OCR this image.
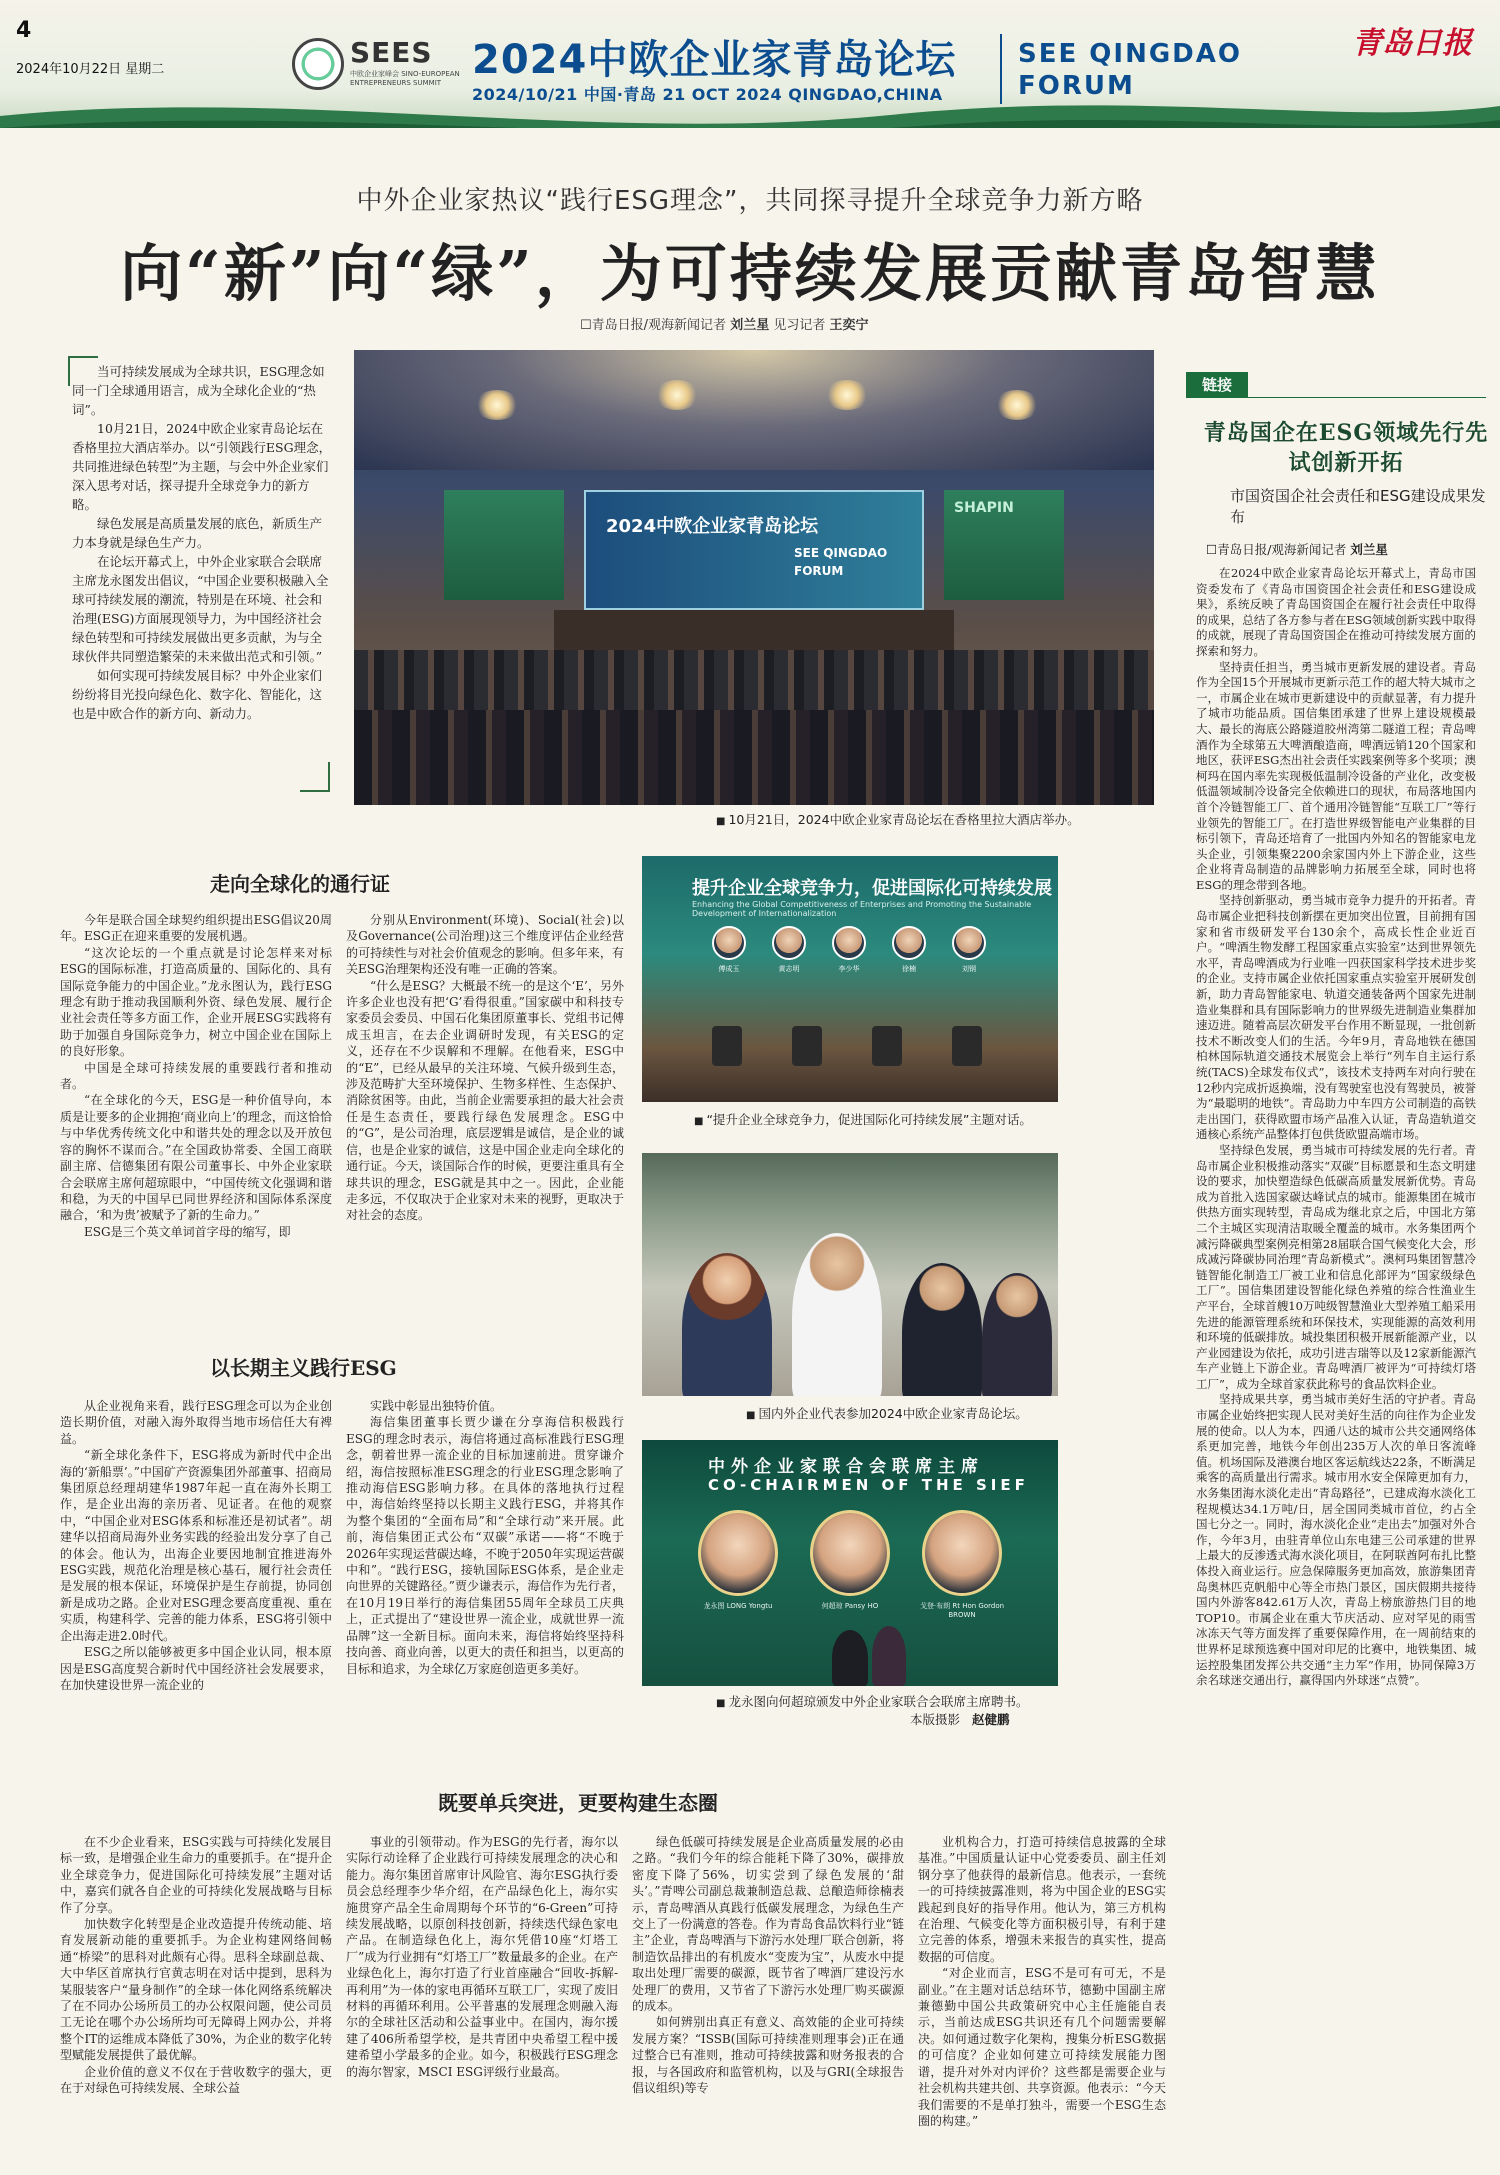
4
2024年10月22日 星期二
SEES
中欧企业家峰会 SINO-EUROPEAN ENTREPRENEURS SUMMIT 2024中欧企业家青岛论坛
2024/10/21 中国·青岛 21 OCT 2024 QINGDAO,CHINA
SEE QINGDAO
FORUM
青岛日报
中外企业家热议“践行ESG理念”，共同探寻提升全球竞争力新方略
向“新”向“绿”，为可持续发展贡献青岛智慧
☐青岛日报/观海新闻记者 刘兰星 见习记者 王奕宁

当可持续发展成为全球共识，ESG理念如同一门全球通用语言，成为全球化企业的“热词”。

10月21日，2024中欧企业家青岛论坛在香格里拉大酒店举办。以“引领践行ESG理念，共同推进绿色转型”为主题，与会中外企业家们深入思考对话，探寻提升全球竞争力的新方略。

绿色发展是高质量发展的底色，新质生产力本身就是绿色生产力。

在论坛开幕式上，中外企业家联合会联席主席龙永图发出倡议，“中国企业要积极融入全球可持续发展的潮流，特别是在环境、社会和治理(ESG)方面展现领导力，为中国经济社会绿色转型和可持续发展做出更多贡献，为与全球伙伴共同塑造繁荣的未来做出范式和引领。”

如何实现可持续发展目标？中外企业家们纷纷将目光投向绿色化、数字化、智能化，这也是中欧合作的新方向、新动力。

SHAPIN
2024中欧企业家青岛论坛
SEE QINGDAO FORUM
■ 10月21日，2024中欧企业家青岛论坛在香格里拉大酒店举办。
走向全球化的通行证

今年是联合国全球契约组织提出ESG倡议20周年。ESG正在迎来重要的发展机遇。

“这次论坛的一个重点就是讨论怎样来对标ESG的国际标准，打造高质量的、国际化的、具有国际竞争能力的中国企业。”龙永图认为，践行ESG理念有助于推动我国顺利外资、绿色发展、履行企业社会责任等多方面工作，企业开展ESG实践将有助于加强自身国际竞争力，树立中国企业在国际上的良好形象。

中国是全球可持续发展的重要践行者和推动者。

“在全球化的今天，ESG是一种价值导向，本质是让要多的企业拥抱‘商业向上’的理念，而这恰恰与中华优秀传统文化中和谐共处的理念以及开放包容的胸怀不谋而合。”在全国政协常委、全国工商联副主席、信德集团有限公司董事长、中外企业家联合会联席主席何超琼眼中，“中国传统文化强调和谐和稳，为天的中国早已同世界经济和国际体系深度融合，‘和为贵’被赋予了新的生命力。”

ESG是三个英文单词首字母的缩写，即

分别从Environment(环境)、Social(社会)以及Governance(公司治理)这三个维度评估企业经营的可持续性与对社会价值观念的影响。但多年来，有关ESG治理架构还没有唯一正确的答案。

“什么是ESG？大概最不统一的是这个‘E’，另外许多企业也没有把‘G’看得很重。”国家碳中和科技专家委员会委员、中国石化集团原董事长、党组书记傅成玉坦言，在去企业调研时发现，有关ESG的定义，还存在不少误解和不理解。在他看来，ESG中的“E”，已经从最早的关注环境、气候升级到生态，涉及范畴扩大至环境保护、生物多样性、生态保护、消除贫困等。由此，当前企业需要承担的最大社会责任是生态责任，要践行绿色发展理念。ESG中的“G”，是公司治理，底层逻辑是诚信，是企业的诚信，也是企业家的诚信，这是中国企业走向全球化的通行证。今天，谈国际合作的时候，更要注重具有全球共识的理念，ESG就是其中之一。因此，企业能走多远，不仅取决于企业家对未来的视野，更取决于对社会的态度。

以长期主义践行ESG

从企业视角来看，践行ESG理念可以为企业创造长期价值，对融入海外取得当地市场信任大有裨益。

“新全球化条件下，ESG将成为新时代中企出海的‘新船票’。”中国矿产资源集团外部董事、招商局集团原总经理胡建华1987年起一直在海外长期工作，是企业出海的亲历者、见证者。在他的观察中，“中国企业对ESG体系和标准还是初试者”。胡建华以招商局海外业务实践的经验出发分享了自己的体会。他认为，出海企业要因地制宜推进海外ESG实践，规范化治理是核心基石，履行社会责任是发展的根本保证，环境保护是生存前提，协同创新是成功之路。企业对ESG理念要高度重视、重在实质，构建科学、完善的能力体系，ESG将引领中企出海走进2.0时代。

ESG之所以能够被更多中国企业认同，根本原因是ESG高度契合新时代中国经济社会发展要求，在加快建设世界一流企业的

实践中彰显出独特价值。

海信集团董事长贾少谦在分享海信积极践行ESG的理念时表示，海信将通过高标准践行ESG理念，朝着世界一流企业的目标加速前进。贯穿谦介绍，海信按照标准ESG理念的行业ESG理念影响了推动海信ESG影响力移。在具体的落地执行过程中，海信始终坚持以长期主义践行ESG，并将其作为整个集团的“全面布局”和“全球行动”来开展。此前，海信集团正式公布“双碳”承诺——将“不晚于2026年实现运营碳达峰，不晚于2050年实现运营碳中和”。“践行ESG，接轨国际ESG体系，是企业走向世界的关键路径。”贾少谦表示，海信作为先行者，在10月19日举行的海信集团55周年全球员工庆典上，正式提出了“建设世界一流企业，成就世界一流品牌”这一全新目标。面向未来，海信将始终坚持科技向善、商业向善，以更大的责任和担当，以更高的目标和追求，为全球亿万家庭创造更多美好。

提升企业全球竞争力，促进国际化可持续发展
Enhancing the Global Competitiveness of Enterprises and Promoting the Sustainable Development of Internationalization
傅成玉	黄志明	李少华	徐楠	刘钢
■ “提升企业全球竞争力，促进国际化可持续发展”主题对话。
■ 国内外企业代表参加2024中欧企业家青岛论坛。
中外企业家联合会联席主席
CO-CHAIRMEN OF THE SIEF
龙永图 LONG Yongtu	何超琼 Pansy HO	戈登·布朗 Rt Hon Gordon BROWN
■ 龙永图向何超琼颁发中外企业家联合会联席主席聘书。
本版摄影 赵健鹏
既要单兵突进，更要构建生态圈

在不少企业看来，ESG实践与可持续化发展目标一致，是增强企业生命力的重要抓手。在“提升企业全球竞争力，促进国际化可持续发展”主题对话中，嘉宾们就各自企业的可持续化发展战略与目标作了分享。

加快数字化转型是企业改造提升传统动能、培育发展新动能的重要抓手。为企业构建网络间畅通“桥梁”的思科对此颇有心得。思科全球副总裁、大中华区首席执行官黄志明在对话中提到，思科为某服装客户“量身制作”的全球一体化网络系统解决了在不同办公场所员工的办公权限问题，使公司员工无论在哪个办公场所均可无障碍上网办公，并将整个IT的运维成本降低了30%，为企业的数字化转型赋能发展提供了最优解。

企业价值的意义不仅在于营收数字的强大，更在于对绿色可持续发展、全球公益

事业的引领带动。作为ESG的先行者，海尔以实际行动诠释了企业践行可持续发展理念的决心和能力。海尔集团首席审计风险官、海尔ESG执行委员会总经理李少华介绍，在产品绿色化上，海尔实施贯穿产品全生命周期每个环节的“6-Green”可持续发展战略，以原创科技创新，持续迭代绿色家电产品。在制造绿色化上，海尔凭借10座“灯塔工厂”成为行业拥有“灯塔工厂”数量最多的企业。在产业绿色化上，海尔打造了行业首座融合“回收-拆解-再利用”为一体的家电再循环互联工厂，实现了废旧材料的再循环利用。公平普惠的发展理念则融入海尔的全球社区活动和公益事业中。在国内，海尔援建了406所希望学校，是共青团中央希望工程中援建希望小学最多的企业。如今，积极践行ESG理念的海尔智家，MSCI ESG评级行业最高。

绿色低碳可持续发展是企业高质量发展的必由之路。“我们今年的综合能耗下降了30%，碳排放密度下降了56%，切实尝到了绿色发展的‘甜头’。”青啤公司副总裁兼制造总裁、总酿造师徐楠表示，青岛啤酒从真践行低碳发展理念，为绿色生产交上了一份满意的答卷。作为青岛食品饮料行业“链主”企业，青岛啤酒与下游污水处理厂联合创新，将制造饮品排出的有机废水“变废为宝”，从废水中提取出处理厂需要的碳源，既节省了啤酒厂建设污水处理厂的费用，又节省了下游污水处理厂购买碳源的成本。

如何辨别出真正有意义、高效能的企业可持续发展方案？“ISSB(国际可持续准则理事会)正在通过整合已有准则，推动可持续披露和财务报表的合报，与各国政府和监管机构，以及与GRI(全球报告倡议组织)等专

业机构合力，打造可持续信息披露的全球基准。”中国质量认证中心党委委员、副主任刘钢分享了他获得的最新信息。他表示，一套统一的可持续披露准则，将为中国企业的ESG实践起到良好的指导作用。他认为，第三方机构在治理、气候变化等方面积极引导，有利于建立完善的体系，增强未来报告的真实性，提高数据的可信度。

“对企业而言，ESG不是可有可无，不是副业。”在主题对话总结环节，德勤中国副主席兼德勤中国公共政策研究中心主任施能自表示，当前达成ESG共识还有几个问题需要解决。如何通过数字化架构，搜集分析ESG数据的可信度？企业如何建立可持续发展能力图谱，提升对外对内评价？这些都是需要企业与社会机构共建共创、共享资源。他表示：“今天我们需要的不是单打独斗，需要一个ESG生态圈的构建。”

链接
青岛国企在ESG领域先行先试创新开拓
市国资国企社会责任和ESG建设成果发布
☐青岛日报/观海新闻记者 刘兰星

在2024中欧企业家青岛论坛开幕式上，青岛市国资委发布了《青岛市国资国企社会责任和ESG建设成果》，系统反映了青岛国资国企在履行社会责任中取得的成果，总结了各方参与者在ESG领域创新实践中取得的成就，展现了青岛国资国企在推动可持续发展方面的探索和努力。

坚持责任担当，勇当城市更新发展的建设者。青岛作为全国15个开展城市更新示范工作的超大特大城市之一，市属企业在城市更新建设中的贡献显著，有力提升了城市功能品质。国信集团承建了世界上建设规模最大、最长的海底公路隧道胶州湾第二隧道工程；青岛啤酒作为全球第五大啤酒酿造商，啤酒远销120个国家和地区，获评ESG杰出社会责任实践案例等多个奖项；澳柯玛在国内率先实现极低温制冷设备的产业化，改变极低温领域制冷设备完全依赖进口的现状，布局落地国内首个冷链智能工厂、首个通用冷链智能“互联工厂”等行业领先的智能工厂。在打造世界级智能电产业集群的目标引领下，青岛还培育了一批国内外知名的智能家电龙头企业，引领集聚2200余家国内外上下游企业，这些企业将青岛制造的品牌影响力拓展至全球，同时也将ESG的理念带到各地。

坚持创新驱动，勇当城市竞争力提升的开拓者。青岛市属企业把科技创新摆在更加突出位置，目前拥有国家和省市级研发平台130余个，高成长性企业近百户。“啤酒生物发酵工程国家重点实验室”达到世界领先水平，青岛啤酒成为行业唯一四获国家科学技术进步奖的企业。支持市属企业依托国家重点实验室开展研发创新，助力青岛智能家电、轨道交通装备两个国家先进制造业集群和具有国际影响力的世界级先进制造业集群加速迈进。随着高层次研发平台作用不断显现，一批创新技术不断改变人们的生活。今年9月，青岛地铁在德国柏林国际轨道交通技术展览会上举行“列车自主运行系统(TACS)全球发布仪式”，该技术支持两车对向行驶在12秒内完成折返换端，没有驾驶室也没有驾驶员，被誉为“最聪明的地铁”。青岛助力中车四方公司制造的高铁走出国门，获得欧盟市场产品准入认证，青岛造轨道交通核心系统产品整体打包供货欧盟高端市场。

坚持绿色发展，勇当城市可持续发展的先行者。青岛市属企业积极推动落实“双碳”目标愿景和生态文明建设的要求，加快塑造绿色低碳高质量发展新优势。青岛成为首批入选国家碳达峰试点的城市。能源集团在城市供热方面实现转型，青岛成为继北京之后，中国北方第二个主城区实现清洁取暖全覆盖的城市。水务集团两个减污降碳典型案例亮相第28届联合国气候变化大会，形成减污降碳协同治理“青岛新模式”。澳柯玛集团智慧冷链智能化制造工厂被工业和信息化部评为“国家级绿色工厂”。国信集团建设智能化绿色养殖的综合性渔业生产平台，全球首艘10万吨级智慧渔业大型养殖工船采用先进的能源管理系统和环保技术，实现能源的高效利用和环境的低碳排放。城投集团积极开展新能源产业，以产业园建设为依托，成功引进吉瑞等以及12家新能源汽车产业链上下游企业。青岛啤酒厂被评为“可持续灯塔工厂”，成为全球首家获此称号的食品饮料企业。

坚持成果共享，勇当城市美好生活的守护者。青岛市属企业始终把实现人民对美好生活的向往作为企业发展的使命。以人为本，四通八达的城市公共交通网络体系更加完善，地铁今年创出235万人次的单日客流峰值。机场国际及港澳台地区客运航线达22条，不断满足乘客的高质量出行需求。城市用水安全保障更加有力，水务集团海水淡化走出“青岛路径”，已建成海水淡化工程规模达34.1万吨/日，居全国同类城市首位，约占全国七分之一。同时，海水淡化企业“走出去”加强对外合作，今年3月，由驻青单位山东电建三公司承建的世界上最大的反渗透式海水淡化项目，在阿联酋阿布扎比整体投入商业运行。应急保障服务更加高效，旅游集团青岛奥林匹克帆船中心等全市热门景区，国庆假期共接待国内外游客842.61万人次，青岛上榜旅游热门目的地TOP10。市属企业在重大节庆活动、应对罕见的雨雪冰冻天气等方面发挥了重要保障作用，在一周前结束的世界杯足球预选赛中国对印尼的比赛中，地铁集团、城运控股集团发挥公共交通“主力军”作用，协同保障3万余名球迷交通出行，赢得国内外球迷“点赞”。
